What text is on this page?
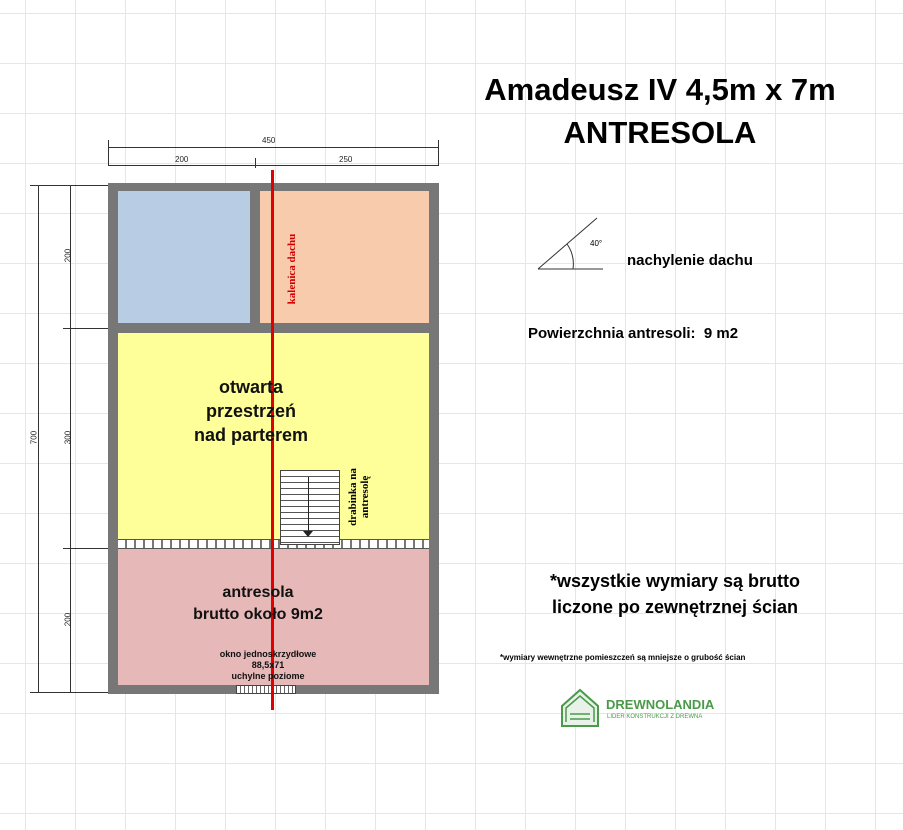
Amadeusz IV 4,5m x 7m
ANTRESOLA
450
200	250
700
200
300
200
kalenica dachu
otwarta
przestrzeń
nad parterem
drabinka na antresolę
antresola
brutto około 9m2
okno jednoskrzydłowe
88,5x71
uchylne poziome
40°
nachylenie dachu
Powierzchnia antresoli:  9 m2
*wszystkie wymiary są brutto
liczone po zewnętrznej ścian
*wymiary wewnętrzne pomieszczeń są mniejsze o grubość ścian
DREWNOLANDIA
LIDER KONSTRUKCJI Z DREWNA
